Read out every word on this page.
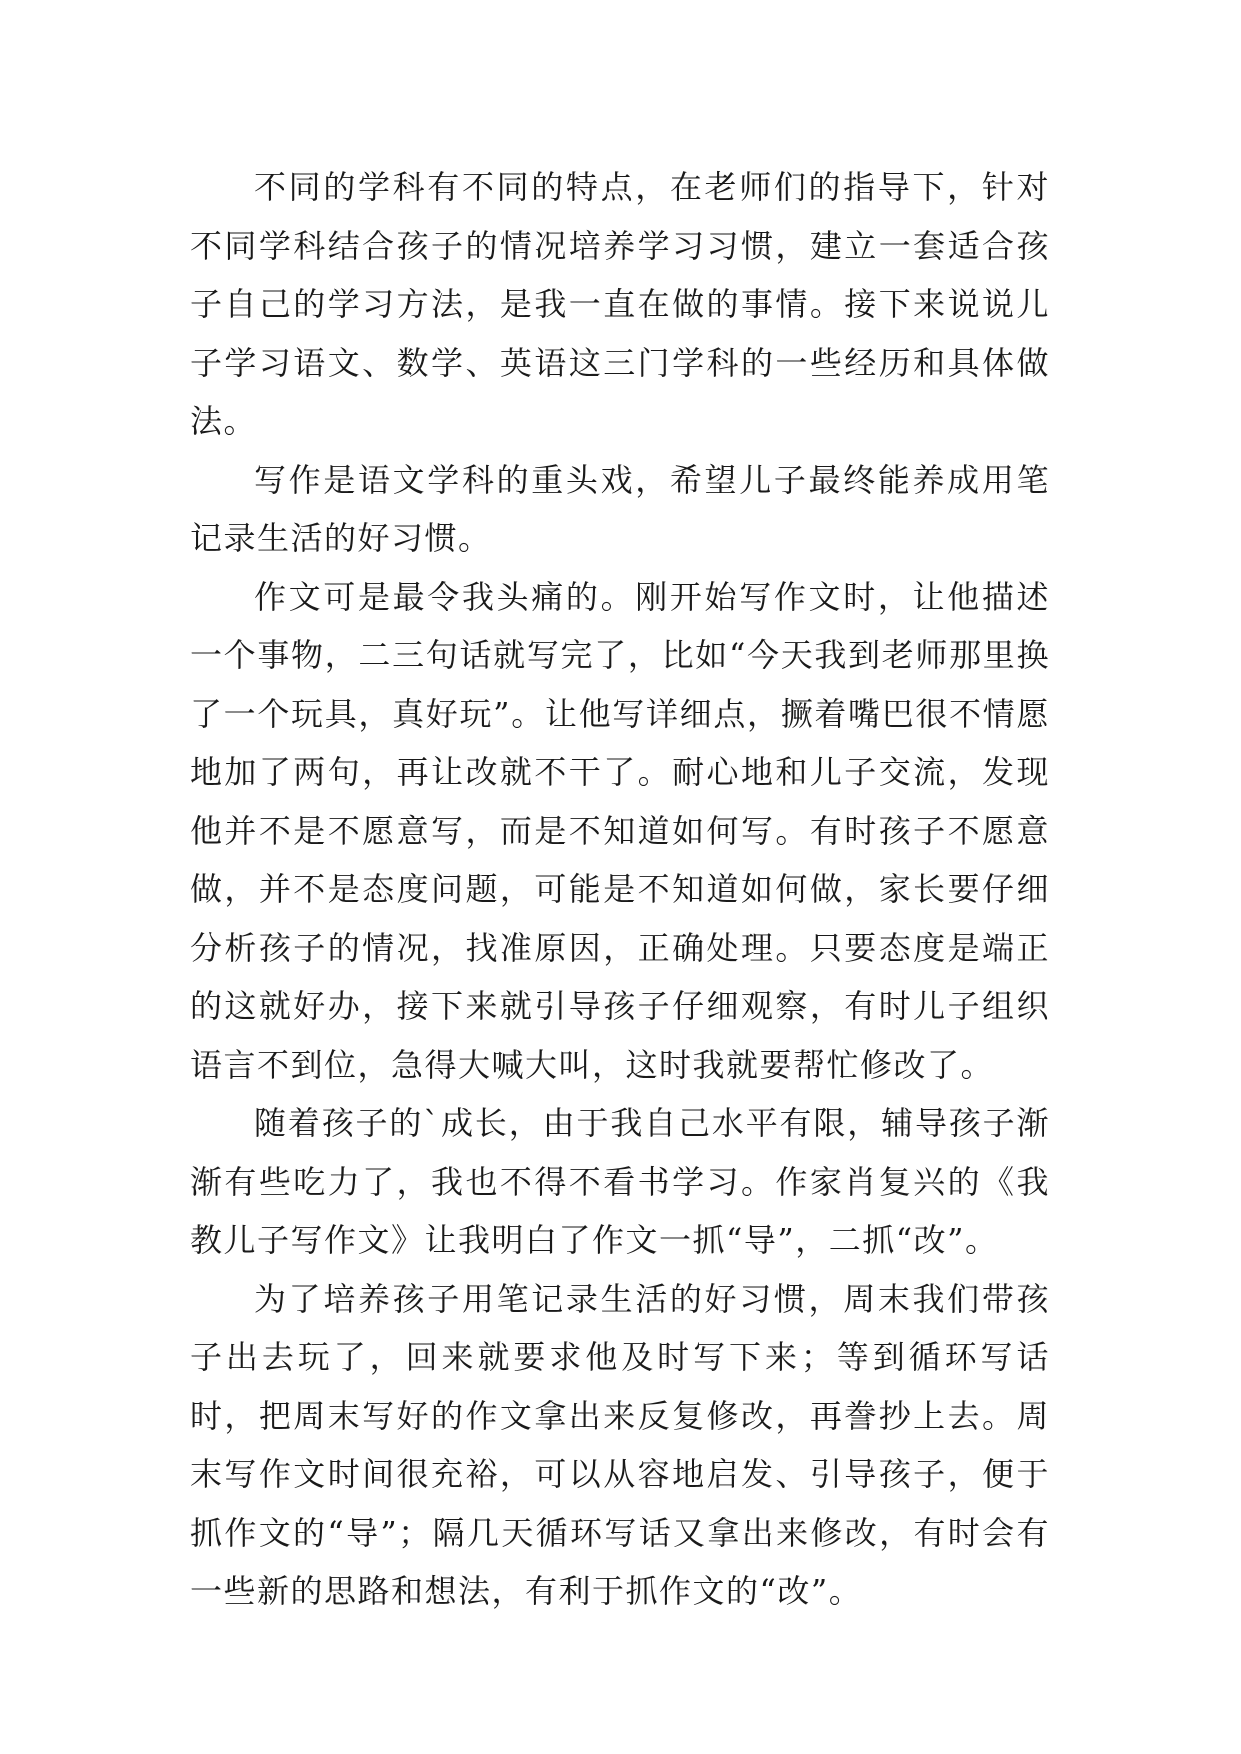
不同的学科有不同的特点，在老师们的指导下，针对不同学科结合孩子的情况培养学习习惯，建立一套适合孩子自己的学习方法，是我一直在做的事情。接下来说说儿子学习语文、数学、英语这三门学科的一些经历和具体做法。

写作是语文学科的重头戏，希望儿子最终能养成用笔记录生活的好习惯。

作文可是最令我头痛的。刚开始写作文时，让他描述一个事物，二三句话就写完了，比如“今天我到老师那里换了一个玩具，真好玩”。让他写详细点，撅着嘴巴很不情愿地加了两句，再让改就不干了。耐心地和儿子交流，发现他并不是不愿意写，而是不知道如何写。有时孩子不愿意做，并不是态度问题，可能是不知道如何做，家长要仔细分析孩子的情况，找准原因，正确处理。只要态度是端正的这就好办，接下来就引导孩子仔细观察，有时儿子组织语言不到位，急得大喊大叫，这时我就要帮忙修改了。

随着孩子的`成长，由于我自己水平有限，辅导孩子渐渐有些吃力了，我也不得不看书学习。作家肖复兴的《我教儿子写作文》让我明白了作文一抓“导”，二抓“改”。

为了培养孩子用笔记录生活的好习惯，周末我们带孩子出去玩了，回来就要求他及时写下来；等到循环写话时，把周末写好的作文拿出来反复修改，再誊抄上去。周末写作文时间很充裕，可以从容地启发、引导孩子，便于抓作文的“导”；隔几天循环写话又拿出来修改，有时会有一些新的思路和想法，有利于抓作文的“改”。
